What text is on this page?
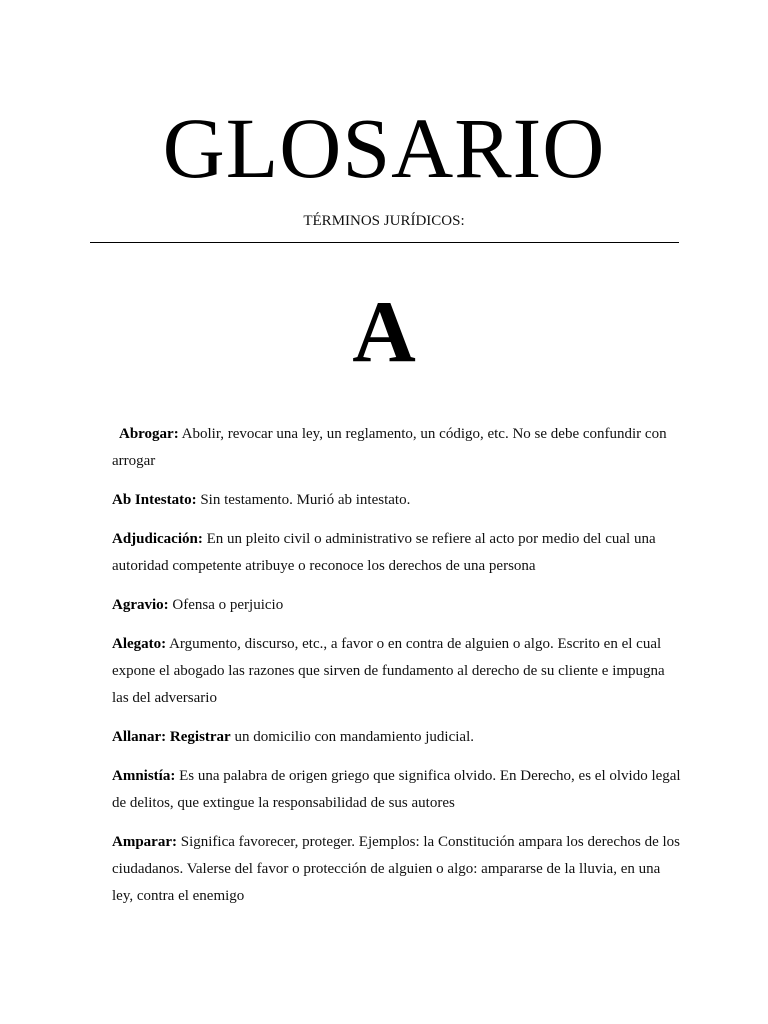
GLOSARIO
TÉRMINOS JURÍDICOS:
A

Abrogar: Abolir, revocar una ley, un reglamento, un código, etc. No se debe confundir con arrogar

Ab Intestato: Sin testamento. Murió ab intestato.

Adjudicación: En un pleito civil o administrativo se refiere al acto por medio del cual una autoridad competente atribuye o reconoce los derechos de una persona

Agravio: Ofensa o perjuicio

Alegato: Argumento, discurso, etc., a favor o en contra de alguien o algo. Escrito en el cual expone el abogado las razones que sirven de fundamento al derecho de su cliente e impugna las del adversario

Allanar: Registrar un domicilio con mandamiento judicial.

Amnistía: Es una palabra de origen griego que significa olvido. En Derecho, es el olvido legal de delitos, que extingue la responsabilidad de sus autores

Amparar: Significa favorecer, proteger. Ejemplos: la Constitución ampara los derechos de los ciudadanos. Valerse del favor o protección de alguien o algo: ampararse de la lluvia, en una ley, contra el enemigo
